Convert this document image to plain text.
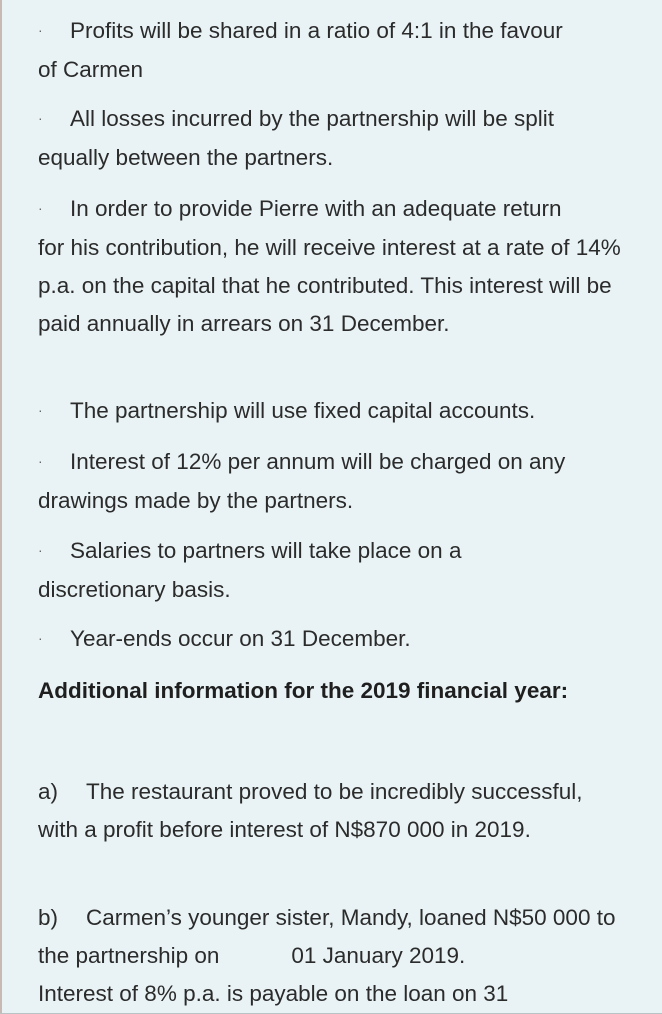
· Profits will be shared in a ratio of 4:1 in the favour
of Carmen

· All losses incurred by the partnership will be split
equally between the partners.

· In order to provide Pierre with an adequate return
for his contribution, he will receive interest at a rate of 14% p.a. on the capital that he contributed. This interest will be paid annually in arrears on 31 December.

· The partnership will use fixed capital accounts.

· Interest of 12% per annum will be charged on any
drawings made by the partners.

· Salaries to partners will take place on a
discretionary basis.

· Year-ends occur on 31 December.

Additional information for the 2019 financial year:

a) The restaurant proved to be incredibly successful, with a profit before interest of N$870 000 in 2019.

b) Carmen’s younger sister, Mandy, loaned N$50 000 to the partnership on	01 January 2019.
Interest of 8% p.a. is payable on the loan on 31
